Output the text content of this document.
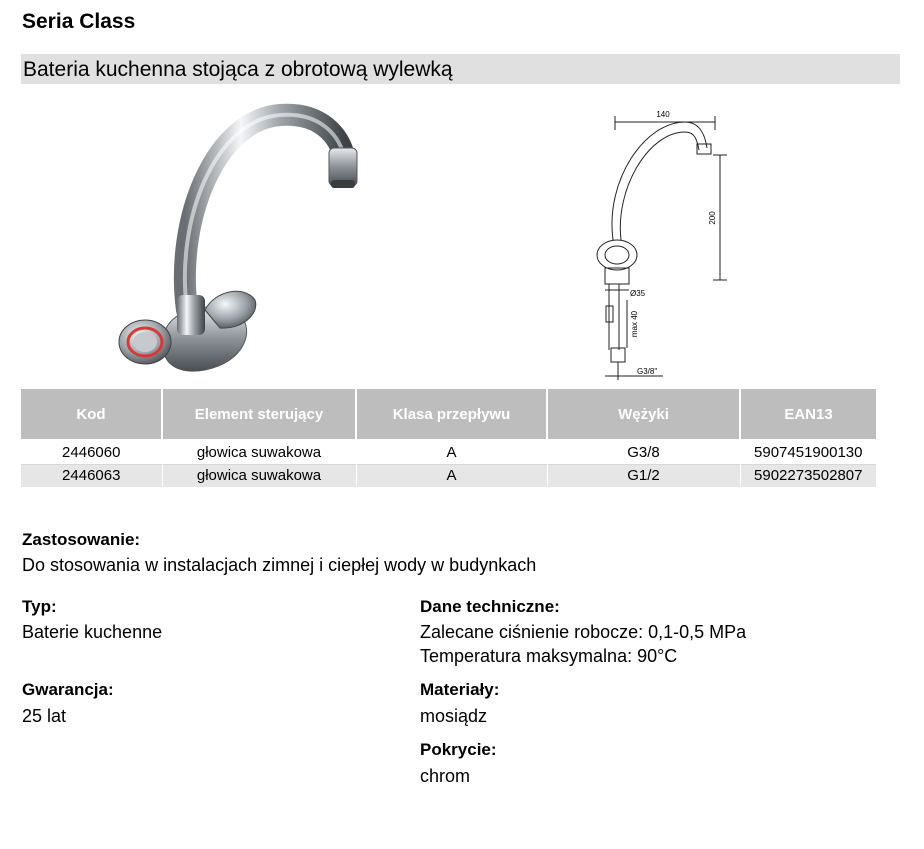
Seria Class
Bateria kuchenna stojąca z obrotową wylewką
140
200
Ø35
max 40
G3/8"
Kod	Element sterujący	Klasa przepływu	Wężyki	EAN13

2446060	głowica suwakowa	A	G3/8	5907451900130
2446063	głowica suwakowa	A	G1/2	5902273502807
Zastosowanie:
Do stosowania w instalacjach zimnej i ciepłej wody w budynkach
Typ:
Baterie kuchenne
Gwarancja:
25 lat
Dane techniczne:
Zalecane ciśnienie robocze: 0,1-0,5 MPa
Temperatura maksymalna: 90°C
Materiały:
mosiądz
Pokrycie:
chrom
